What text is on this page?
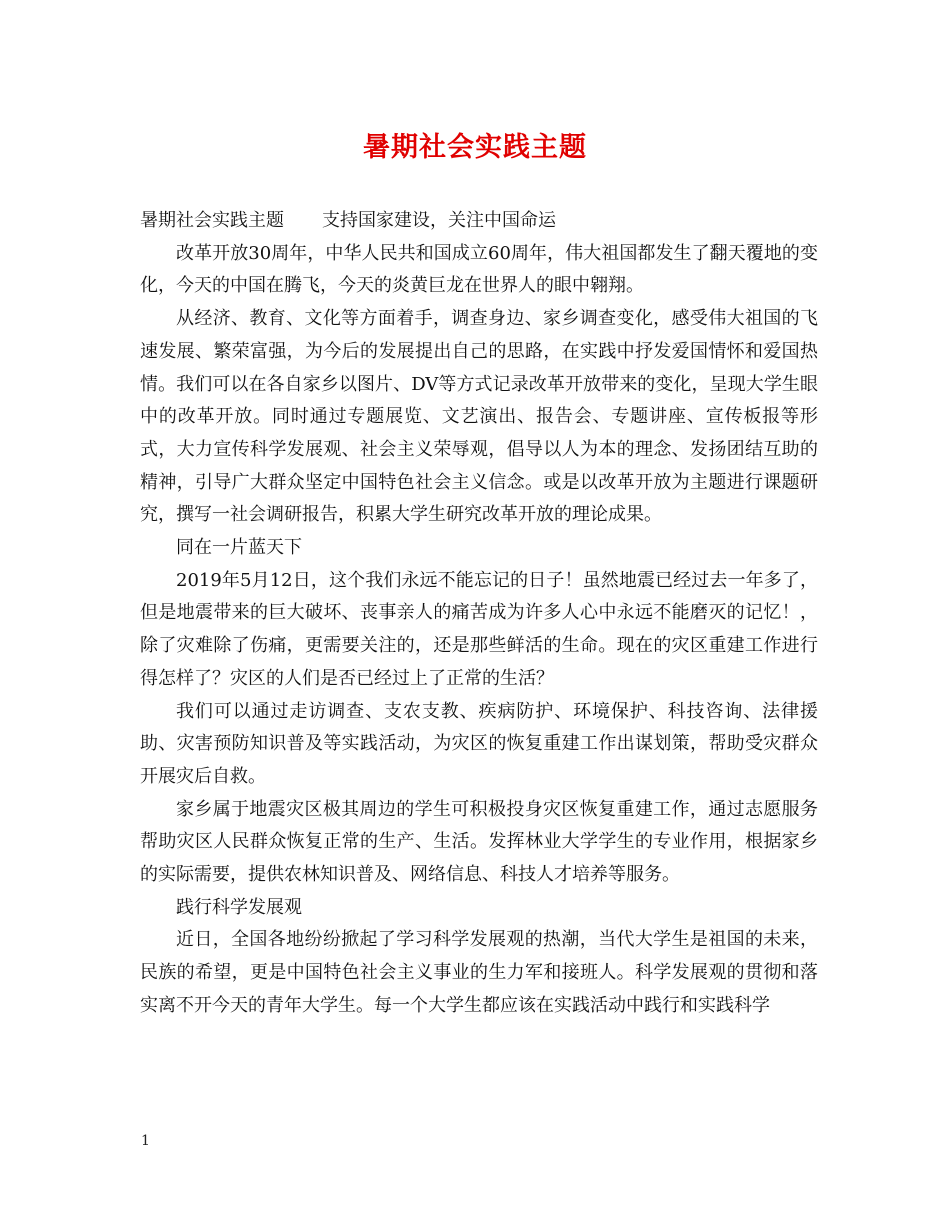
暑期社会实践主题

暑期社会实践主题 支持国家建设，关注中国命运

改革开放30周年，中华人民共和国成立60周年，伟大祖国都发生了翻天覆地的变化，今天的中国在腾飞，今天的炎黄巨龙在世界人的眼中翱翔。

从经济、教育、文化等方面着手，调查身边、家乡调查变化，感受伟大祖国的飞速发展、繁荣富强，为今后的发展提出自己的思路，在实践中抒发爱国情怀和爱国热情。我们可以在各自家乡以图片、DV等方式记录改革开放带来的变化，呈现大学生眼中的改革开放。同时通过专题展览、文艺演出、报告会、专题讲座、宣传板报等形式，大力宣传科学发展观、社会主义荣辱观，倡导以人为本的理念、发扬团结互助的精神，引导广大群众坚定中国特色社会主义信念。或是以改革开放为主题进行课题研究，撰写一社会调研报告，积累大学生研究改革开放的理论成果。

同在一片蓝天下

2019年5月12日，这个我们永远不能忘记的日子！虽然地震已经过去一年多了，但是地震带来的巨大破坏、丧事亲人的痛苦成为许多人心中永远不能磨灭的记忆！，除了灾难除了伤痛，更需要关注的，还是那些鲜活的生命。现在的灾区重建工作进行得怎样了？灾区的人们是否已经过上了正常的生活？

我们可以通过走访调查、支农支教、疾病防护、环境保护、科技咨询、法律援助、灾害预防知识普及等实践活动，为灾区的恢复重建工作出谋划策，帮助受灾群众开展灾后自救。

家乡属于地震灾区极其周边的学生可积极投身灾区恢复重建工作，通过志愿服务帮助灾区人民群众恢复正常的生产、生活。发挥林业大学学生的专业作用，根据家乡的实际需要，提供农林知识普及、网络信息、科技人才培养等服务。

践行科学发展观

近日，全国各地纷纷掀起了学习科学发展观的热潮，当代大学生是祖国的未来，民族的希望，更是中国特色社会主义事业的生力军和接班人。科学发展观的贯彻和落实离不开今天的青年大学生。每一个大学生都应该在实践活动中践行和实践科学

1
